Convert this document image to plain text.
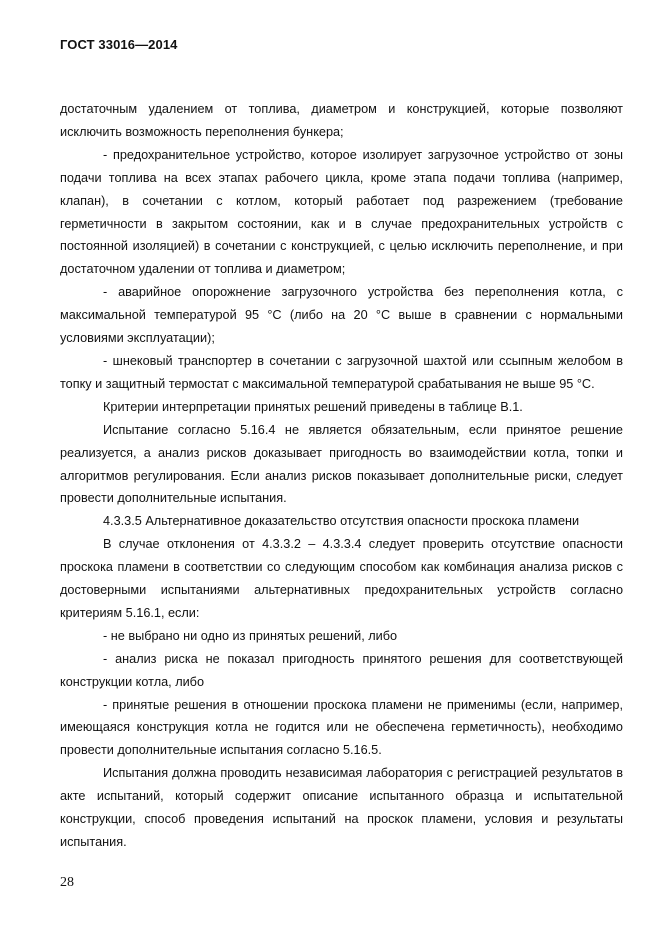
ГОСТ 33016—2014

достаточным удалением от топлива, диаметром и конструкцией, которые позволяют исключить возможность переполнения бункера;

- предохранительное устройство, которое изолирует загрузочное устройство от зоны подачи топлива на всех этапах рабочего цикла, кроме этапа подачи топлива (например, клапан), в сочетании с котлом, который работает под разрежением (требование герметичности в закрытом состоянии, как и в случае предохранительных устройств с постоянной изоляцией) в сочетании с конструкцией, с целью исключить переполнение, и при достаточном удалении от топлива и диаметром;

- аварийное опорожнение загрузочного устройства без переполнения котла, с максимальной температурой 95 °С (либо на 20 °С выше в сравнении с нормальными условиями эксплуатации);

- шнековый транспортер в сочетании с загрузочной шахтой или ссыпным желобом в топку и защитный термостат с максимальной температурой срабатывания не выше 95 °С.

Критерии интерпретации принятых решений приведены в таблице В.1.

Испытание согласно 5.16.4 не является обязательным, если принятое решение реализуется, а анализ рисков доказывает пригодность во взаимодействии котла, топки и алгоритмов регулирования. Если анализ рисков показывает дополнительные риски, следует провести дополнительные испытания.

4.3.3.5 Альтернативное доказательство отсутствия опасности проскока пламени

В случае отклонения от 4.3.3.2 – 4.3.3.4 следует проверить отсутствие опасности проскока пламени в соответствии со следующим способом как комбинация анализа рисков с достоверными испытаниями альтернативных предохранительных устройств согласно критериям 5.16.1, если:

- не выбрано ни одно из принятых решений, либо

- анализ риска не показал пригодность принятого решения для соответствующей конструкции котла, либо

- принятые решения в отношении проскока пламени не применимы (если, например, имеющаяся конструкция котла не годится или не обеспечена герметичность), необходимо провести дополнительные испытания согласно 5.16.5.

Испытания должна проводить независимая лаборатория с регистрацией результатов в акте испытаний, который содержит описание испытанного образца и испытательной конструкции, способ проведения испытаний на проскок пламени, условия и результаты испытания.

28
